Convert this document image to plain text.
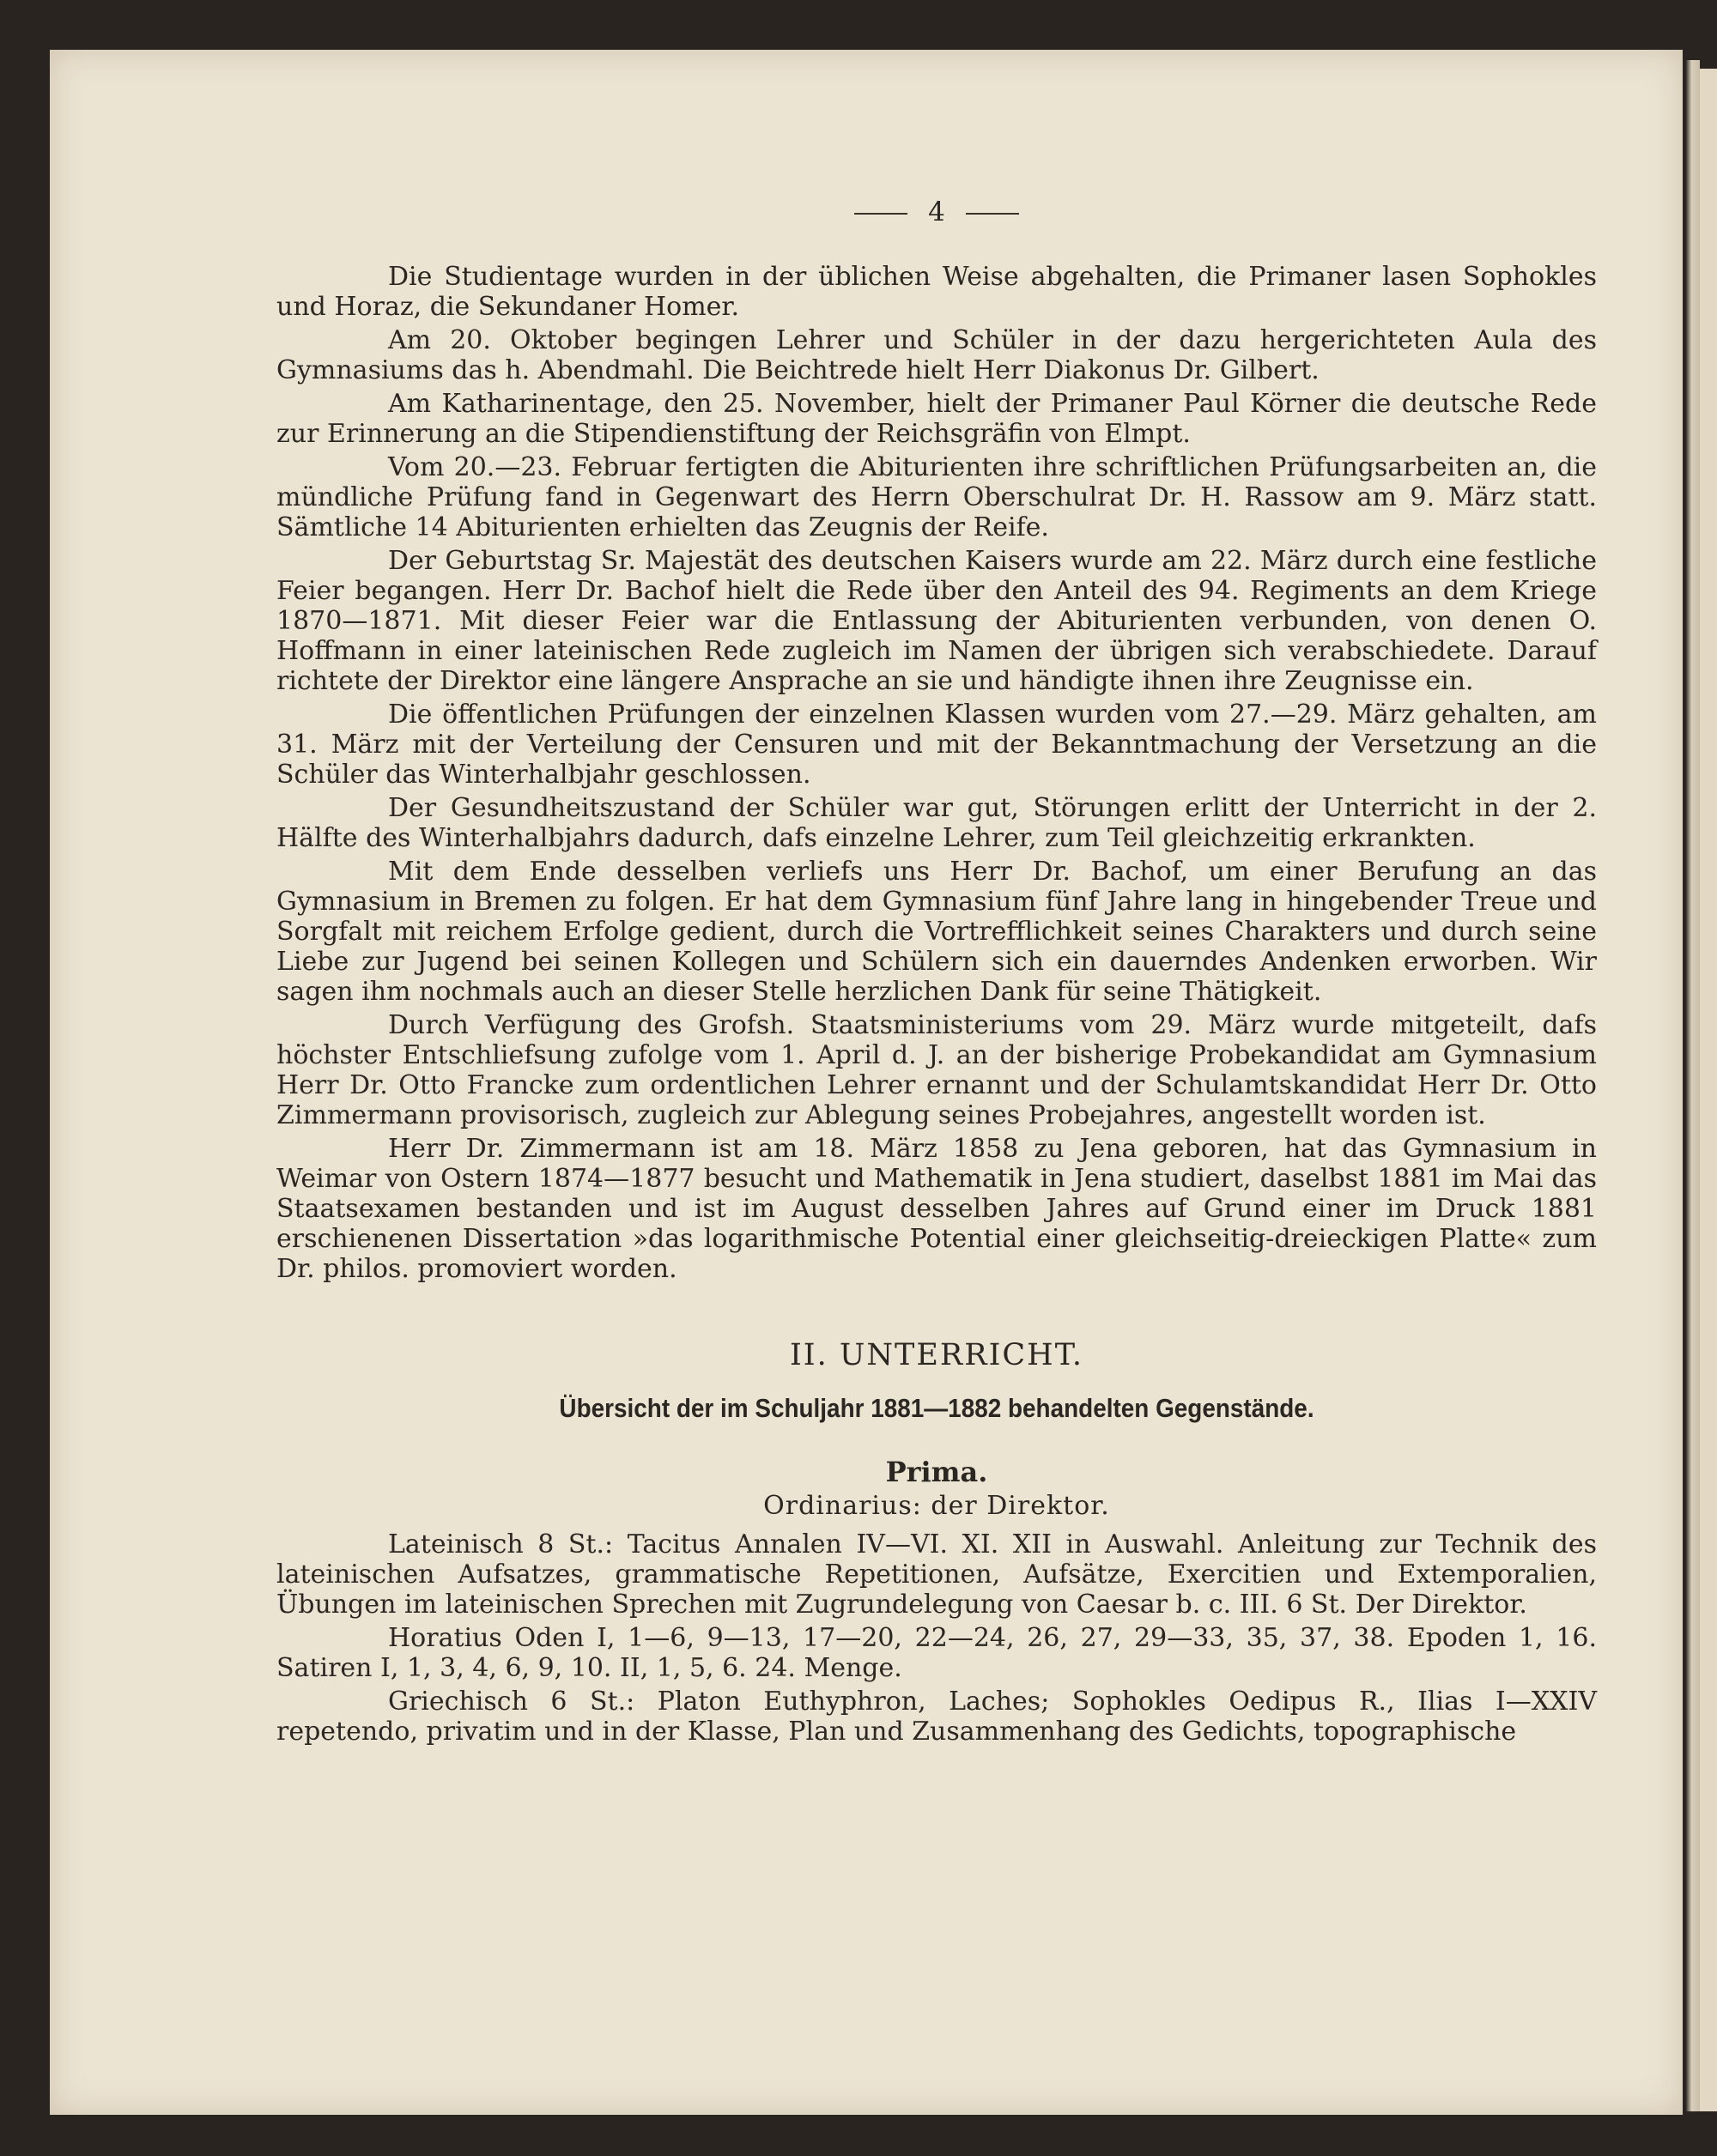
4

Die Studientage wurden in der üblichen Weise abgehalten, die Primaner lasen Sophokles und Horaz, die Sekundaner Homer.

Am 20. Oktober begingen Lehrer und Schüler in der dazu hergerichteten Aula des Gymnasiums das h. Abendmahl. Die Beichtrede hielt Herr Diakonus Dr. Gilbert.

Am Katharinentage, den 25. November, hielt der Primaner Paul Körner die deutsche Rede zur Erinnerung an die Stipendienstiftung der Reichsgräfin von Elmpt.

Vom 20.—23. Februar fertigten die Abiturienten ihre schriftlichen Prüfungsarbeiten an, die mündliche Prüfung fand in Gegenwart des Herrn Oberschulrat Dr. H. Rassow am 9. März statt. Sämtliche 14 Abiturienten erhielten das Zeugnis der Reife.

Der Geburtstag Sr. Majestät des deutschen Kaisers wurde am 22. März durch eine festliche Feier begangen. Herr Dr. Bachof hielt die Rede über den Anteil des 94. Regiments an dem Kriege 1870—1871. Mit dieser Feier war die Entlassung der Abiturienten verbunden, von denen O. Hoffmann in einer lateinischen Rede zugleich im Namen der übrigen sich verabschiedete. Darauf richtete der Direktor eine längere Ansprache an sie und händigte ihnen ihre Zeugnisse ein.

Die öffentlichen Prüfungen der einzelnen Klassen wurden vom 27.—29. März gehalten, am 31. März mit der Verteilung der Censuren und mit der Bekanntmachung der Versetzung an die Schüler das Winterhalbjahr geschlossen.

Der Gesundheitszustand der Schüler war gut, Störungen erlitt der Unterricht in der 2. Hälfte des Winterhalbjahrs dadurch, dafs einzelne Lehrer, zum Teil gleichzeitig erkrankten.

Mit dem Ende desselben verliefs uns Herr Dr. Bachof, um einer Berufung an das Gymnasium in Bremen zu folgen. Er hat dem Gymnasium fünf Jahre lang in hingebender Treue und Sorgfalt mit reichem Erfolge gedient, durch die Vortrefflichkeit seines Charakters und durch seine Liebe zur Jugend bei seinen Kollegen und Schülern sich ein dauerndes Andenken erworben. Wir sagen ihm nochmals auch an dieser Stelle herzlichen Dank für seine Thätigkeit.

Durch Verfügung des Grofsh. Staatsministeriums vom 29. März wurde mitgeteilt, dafs höchster Entschliefsung zufolge vom 1. April d. J. an der bisherige Probekandidat am Gymnasium Herr Dr. Otto Francke zum ordentlichen Lehrer ernannt und der Schulamtskandidat Herr Dr. Otto Zimmermann provisorisch, zugleich zur Ablegung seines Probejahres, angestellt worden ist.

Herr Dr. Zimmermann ist am 18. März 1858 zu Jena geboren, hat das Gymnasium in Weimar von Ostern 1874—1877 besucht und Mathematik in Jena studiert, daselbst 1881 im Mai das Staatsexamen bestanden und ist im August desselben Jahres auf Grund einer im Druck 1881 erschienenen Dissertation »das logarithmische Potential einer gleichseitig-dreieckigen Platte« zum Dr. philos. promoviert worden.

II. UNTERRICHT.
Übersicht der im Schuljahr 1881—1882 behandelten Gegenstände.
Prima.
Ordinarius: der Direktor.

Lateinisch 8 St.: Tacitus Annalen IV—VI. XI. XII in Auswahl. Anleitung zur Technik des lateinischen Aufsatzes, grammatische Repetitionen, Aufsätze, Exercitien und Extemporalien, Übungen im lateinischen Sprechen mit Zugrundelegung von Caesar b. c. III. 6 St. Der Direktor.

Horatius Oden I, 1—6, 9—13, 17—20, 22—24, 26, 27, 29—33, 35, 37, 38. Epoden 1, 16. Satiren I, 1, 3, 4, 6, 9, 10. II, 1, 5, 6. 24. Menge.

Griechisch 6 St.: Platon Euthyphron, Laches; Sophokles Oedipus R., Ilias I—XXIV repetendo, privatim und in der Klasse, Plan und Zusammenhang des Gedichts, topographische
